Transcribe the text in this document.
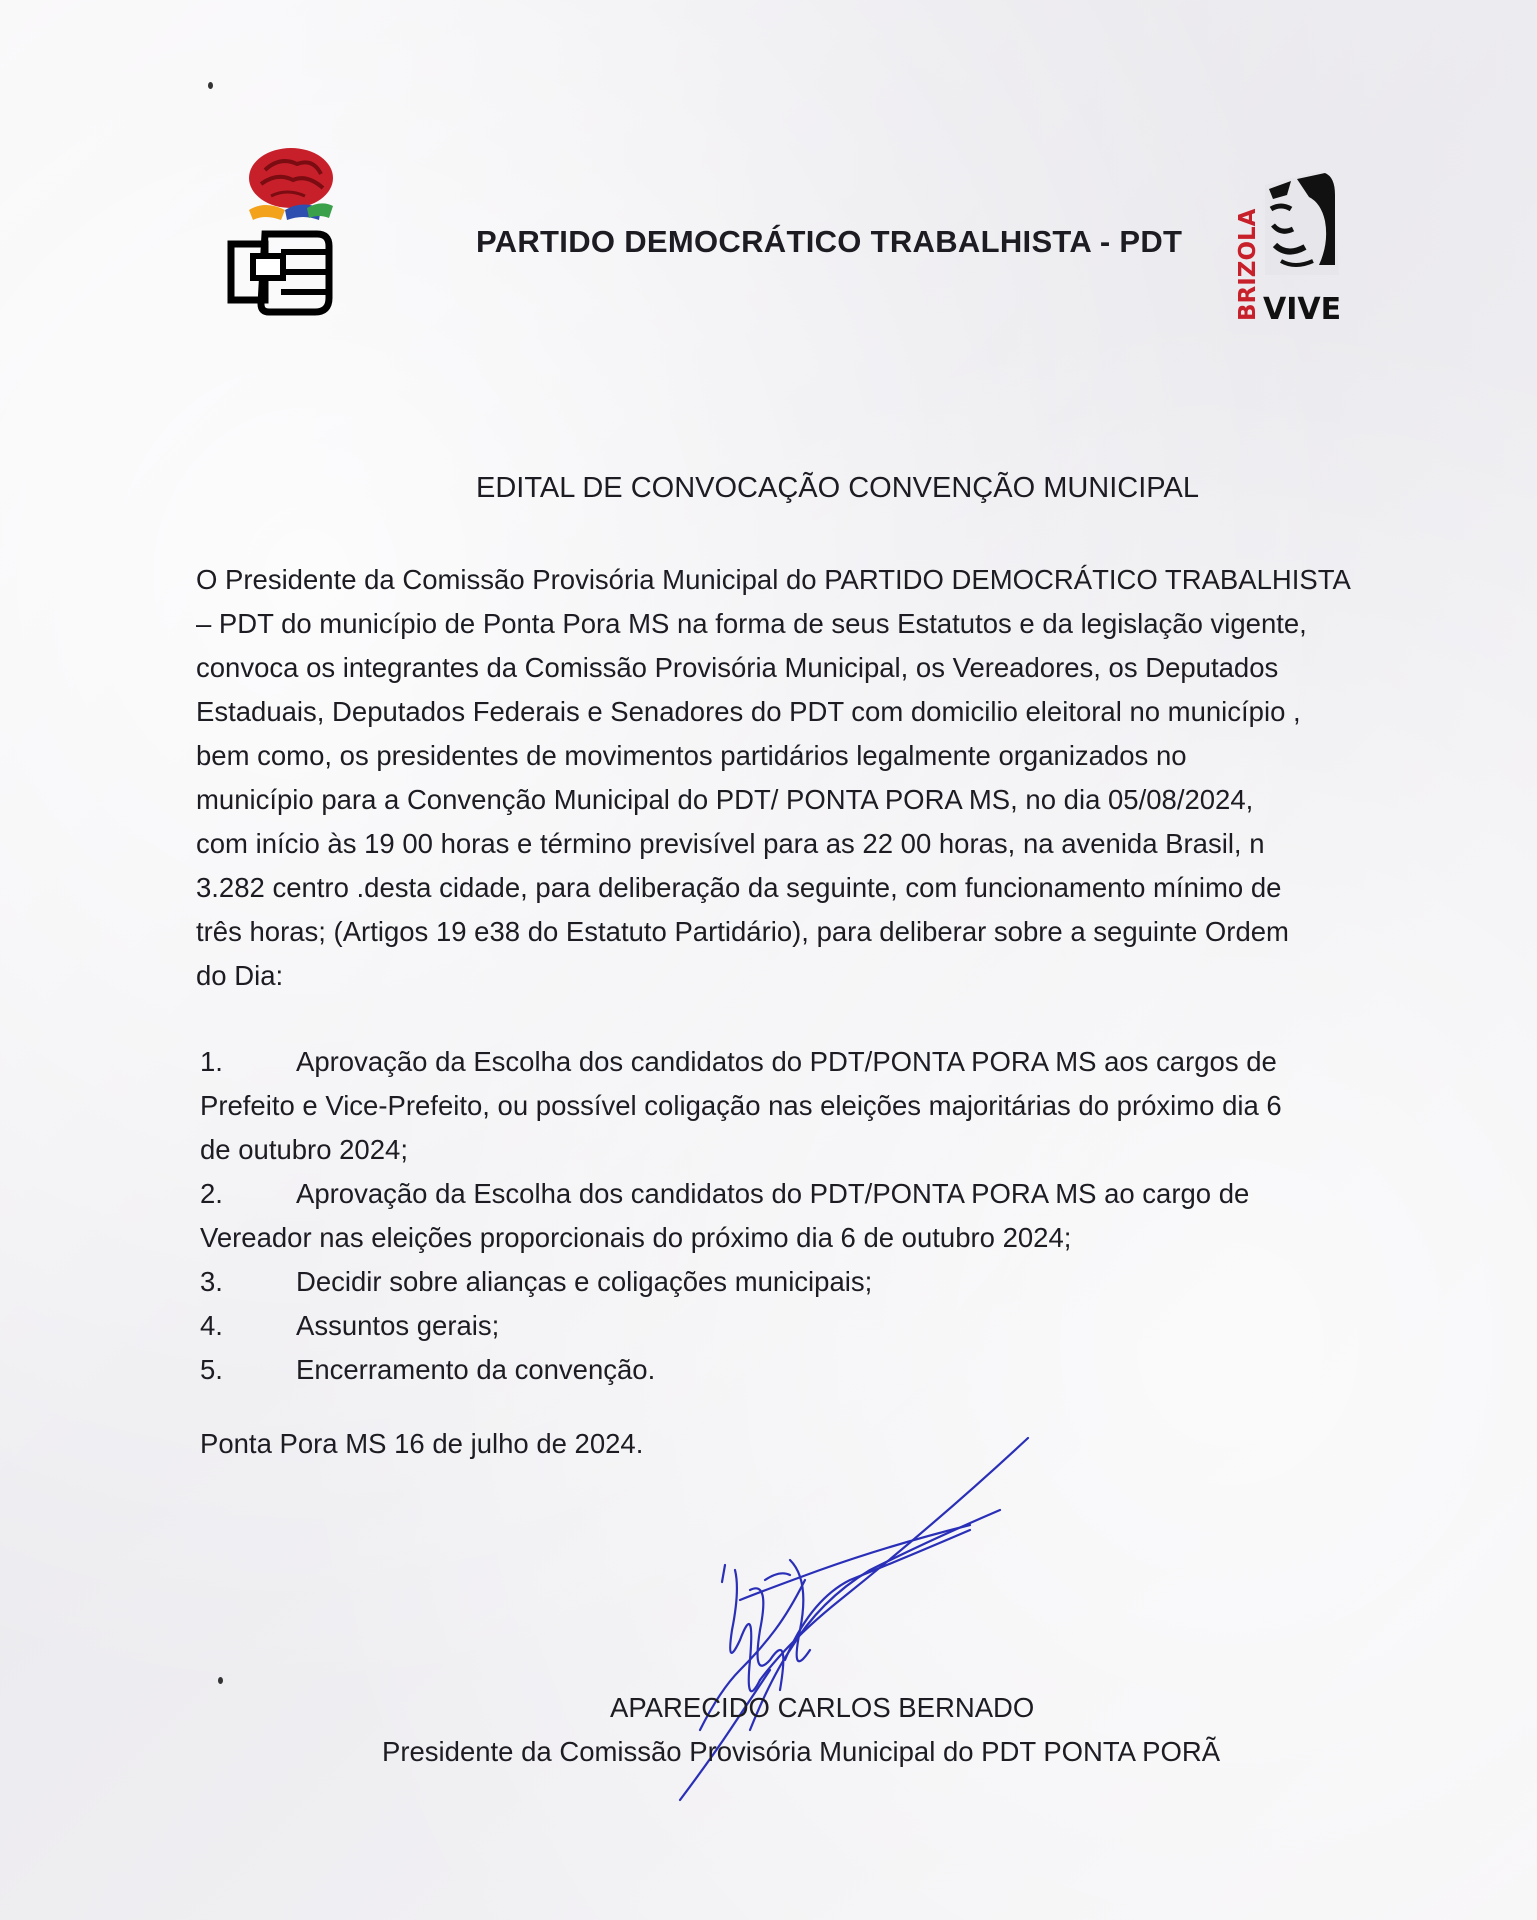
PARTIDO DEMOCRÁTICO TRABALHISTA - PDT BRIZOLA VIVE
EDITAL DE CONVOCAÇÃO CONVENÇÃO MUNICIPAL
O Presidente da Comissão Provisória Municipal do PARTIDO DEMOCRÁTICO TRABALHISTA
– PDT do município de Ponta Pora MS na forma de seus Estatutos e da legislação vigente,
convoca os integrantes da Comissão Provisória Municipal, os Vereadores, os Deputados
Estaduais, Deputados Federais e Senadores do PDT com domicilio eleitoral no município ,
bem como, os presidentes de movimentos partidários legalmente organizados no
município para a Convenção Municipal do PDT/ PONTA PORA MS, no dia 05/08/2024,
com início às 19 00 horas e término previsível para as 22 00 horas, na avenida Brasil, n
3.282 centro .desta cidade, para deliberação da seguinte, com funcionamento mínimo de
três horas; (Artigos 19 e38 do Estatuto Partidário), para deliberar sobre a seguinte Ordem
do Dia:
1.	Aprovação da Escolha dos candidatos do PDT/PONTA PORA MS aos cargos de
Prefeito e Vice-Prefeito, ou possível coligação nas eleições majoritárias do próximo dia 6
de outubro 2024;
2.	Aprovação da Escolha dos candidatos do PDT/PONTA PORA MS ao cargo de
Vereador nas eleições proporcionais do próximo dia 6 de outubro 2024;
3.	Decidir sobre alianças e coligações municipais;
4.	Assuntos gerais;
5.	Encerramento da convenção.
Ponta Pora MS 16 de julho de 2024.
APARECIDO CARLOS BERNADO
Presidente da Comissão Provisória Municipal do PDT PONTA PORÃ
